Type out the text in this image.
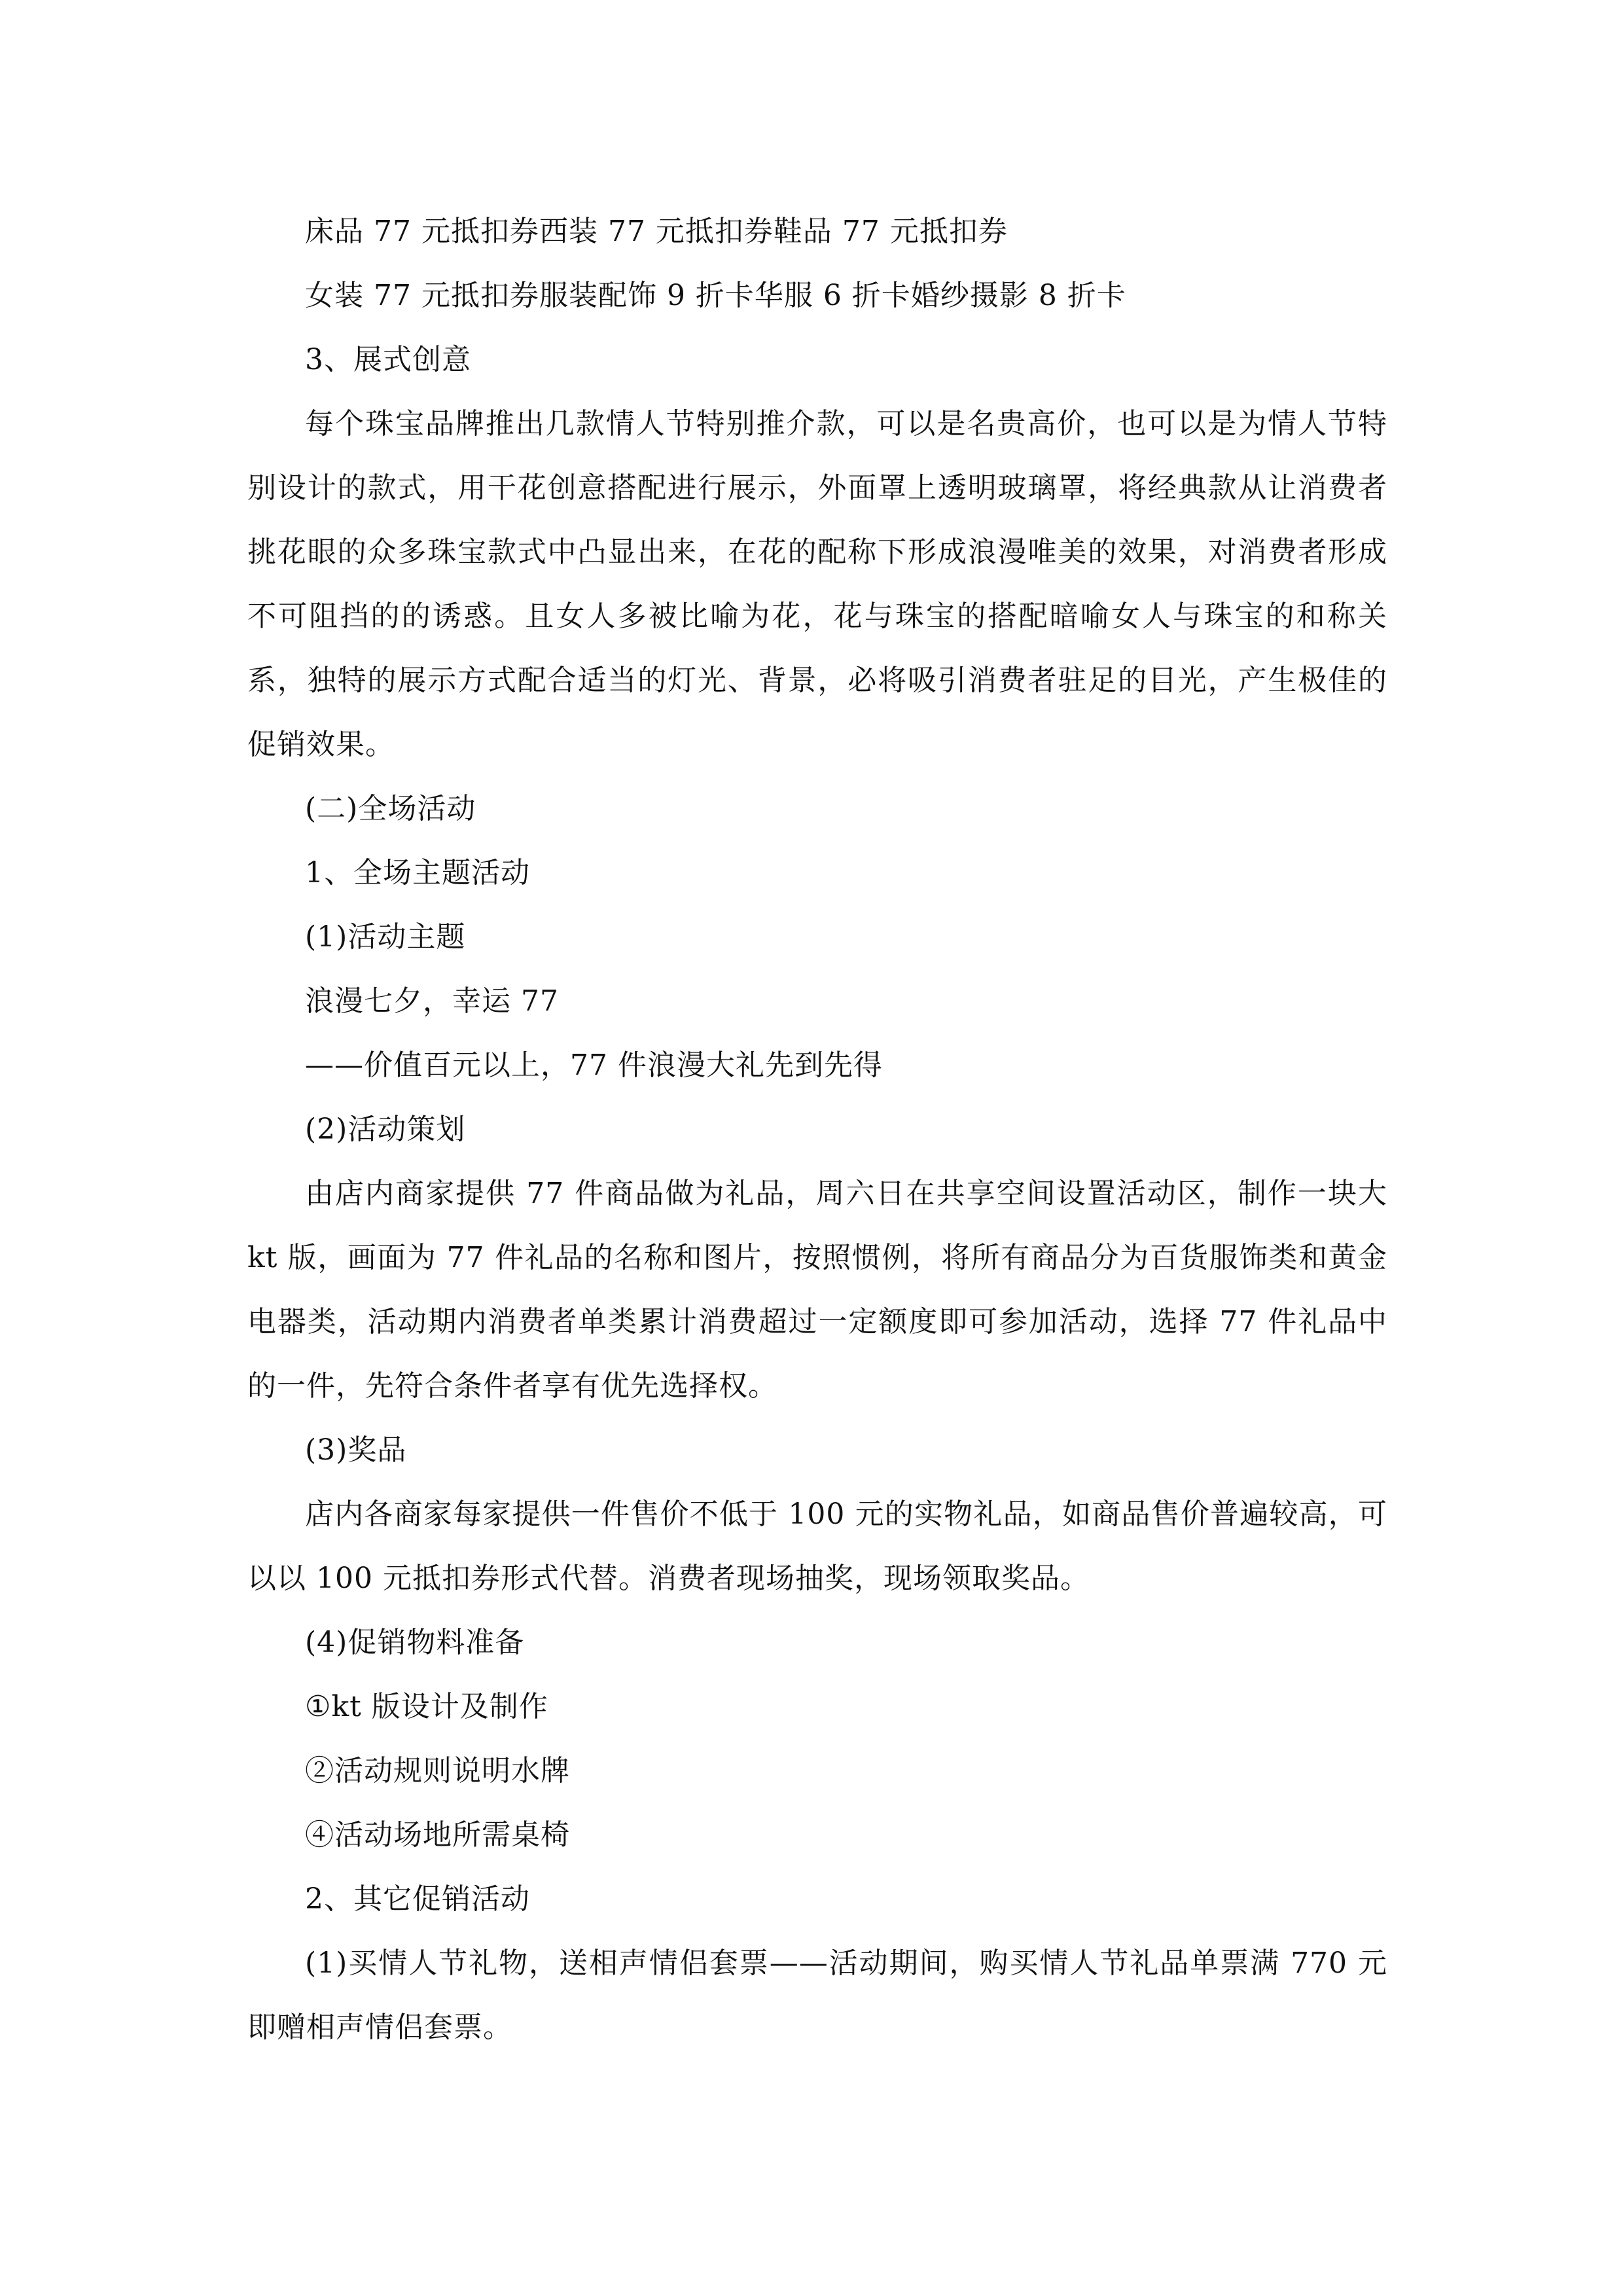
床品 77 元抵扣券西装 77 元抵扣券鞋品 77 元抵扣券

女装 77 元抵扣券服装配饰 9 折卡华服 6 折卡婚纱摄影 8 折卡

3、展式创意

每个珠宝品牌推出几款情人节特别推介款，可以是名贵高价，也可以是为情人节特别设计的款式，用干花创意搭配进行展示，外面罩上透明玻璃罩，将经典款从让消费者挑花眼的众多珠宝款式中凸显出来，在花的配称下形成浪漫唯美的效果，对消费者形成不可阻挡的的诱惑。且女人多被比喻为花，花与珠宝的搭配暗喻女人与珠宝的和称关系，独特的展示方式配合适当的灯光、背景，必将吸引消费者驻足的目光，产生极佳的促销效果。

(二)全场活动

1、全场主题活动

(1)活动主题

浪漫七夕，幸运 77

——价值百元以上，77 件浪漫大礼先到先得

(2)活动策划

由店内商家提供 77 件商品做为礼品，周六日在共享空间设置活动区，制作一块大 kt 版，画面为 77 件礼品的名称和图片，按照惯例，将所有商品分为百货服饰类和黄金电器类，活动期内消费者单类累计消费超过一定额度即可参加活动，选择 77 件礼品中的一件，先符合条件者享有优先选择权。

(3)奖品

店内各商家每家提供一件售价不低于 100 元的实物礼品，如商品售价普遍较高，可以以 100 元抵扣券形式代替。消费者现场抽奖，现场领取奖品。

(4)促销物料准备

①kt 版设计及制作

②活动规则说明水牌

④活动场地所需桌椅

2、其它促销活动

(1)买情人节礼物，送相声情侣套票——活动期间，购买情人节礼品单票满 770 元即赠相声情侣套票。
